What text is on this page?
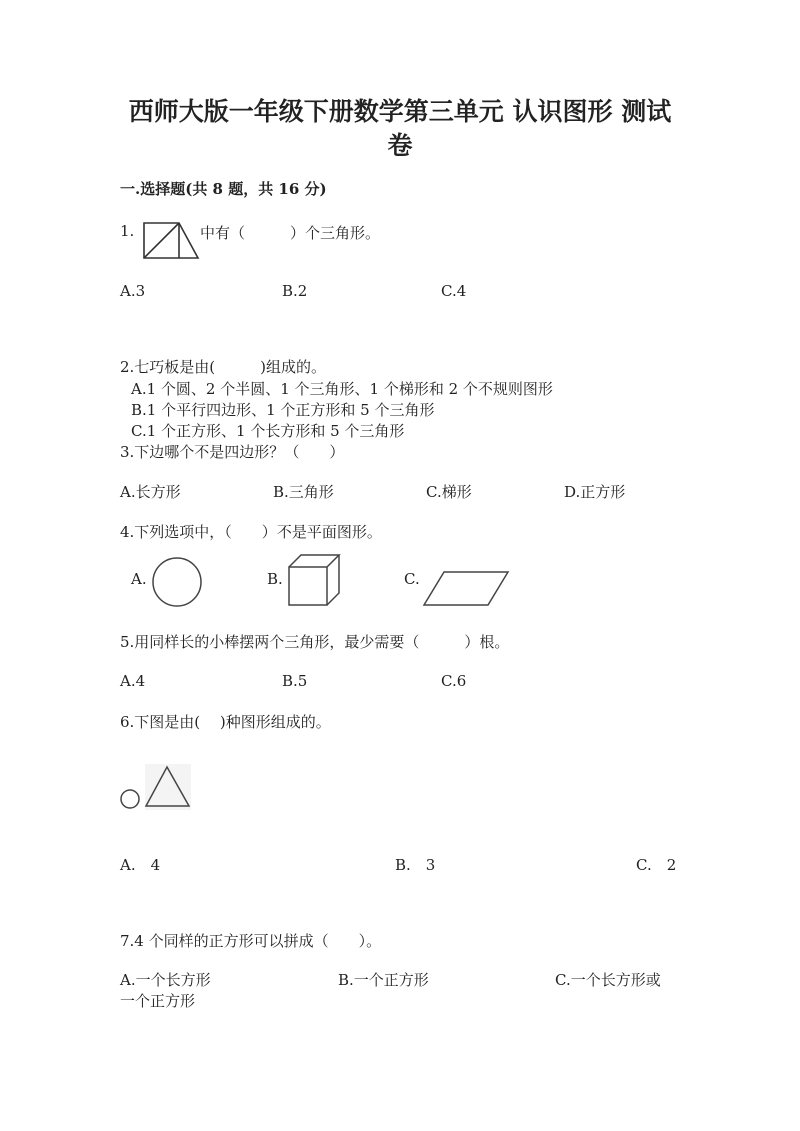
西师大版一年级下册数学第三单元 认识图形 测试
卷
一.选择题(共 8 题，共 16 分)
1.	中有（　　　）个三角形。
A.3	B.2	C.4
2.七巧板是由(　　　)组成的。
A.1 个圆、2 个半圆、1 个三角形、1 个梯形和 2 个不规则图形
B.1 个平行四边形、1 个正方形和 5 个三角形
C.1 个正方形、1 个长方形和 5 个三角形
3.下边哪个不是四边形？（　　）
A.长方形	B.三角形	C.梯形	D.正方形
4.下列选项中，（　　）不是平面图形。
A.	B.	C.
5.用同样长的小棒摆两个三角形，最少需要（　　　）根。
A.4	B.5	C.6
6.下图是由(　 )种图形组成的。
A.　4	B.　3	C.　2
7.4 个同样的正方形可以拼成（　　）。
A.一个长方形	B.一个正方形	C.一个长方形或
一个正方形
